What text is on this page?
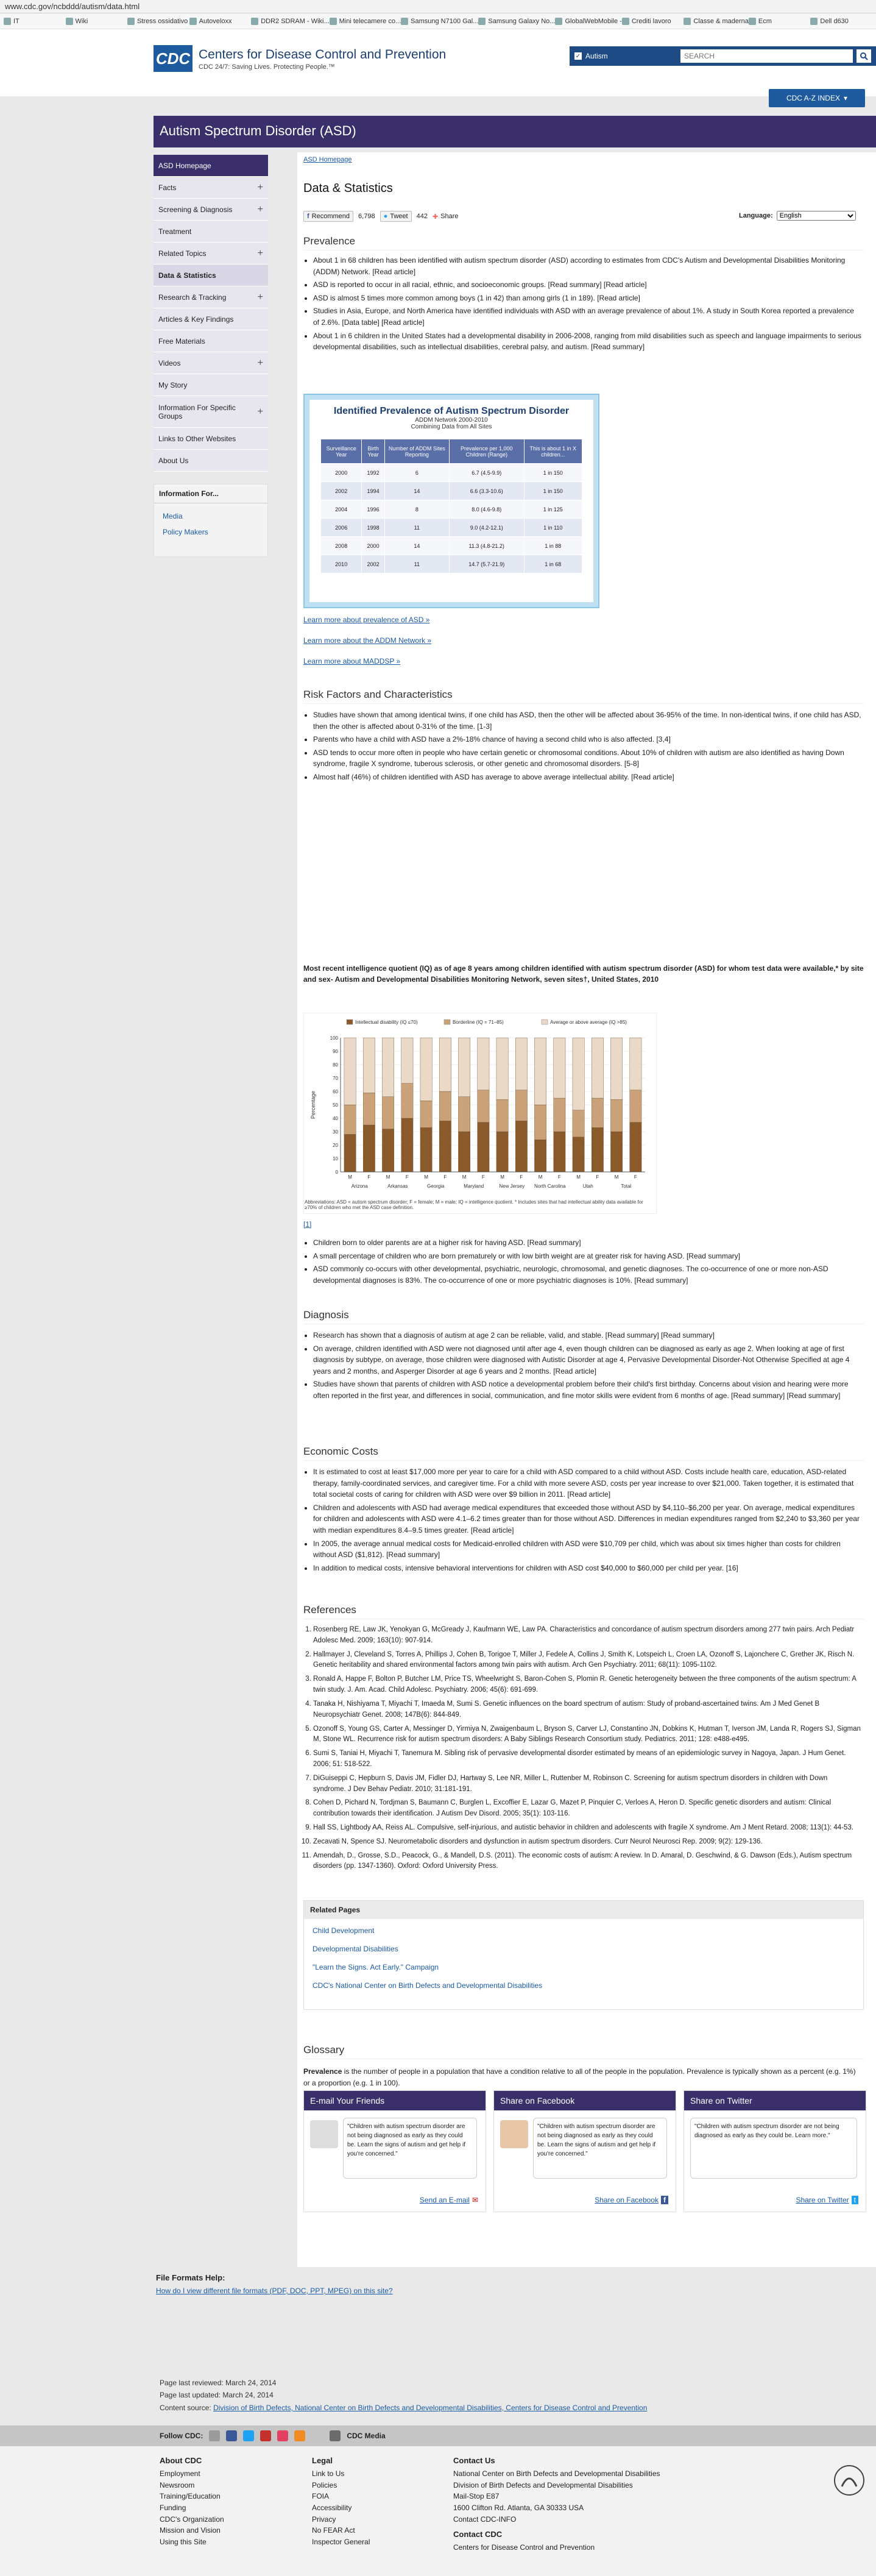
www.cdc.gov/ncbddd/autism/data.html
IT	Wiki	Stress ossidativo Autoveloxx	DDR2 SDRAM - Wiki... Mini telecamere co... Samsung N7100 Gal... Samsung Galaxy No... GlobalWebMobile - Crediti lavoro	Classe & maderna Ecm	Dell d630
CDC Centers for Disease Control and Prevention
CDC 24/7: Saving Lives. Protecting People.™
✓ Autism
SEARCH
CDC A-Z INDEX ▾
Autism Spectrum Disorder (ASD)
ASD Homepage
Facts	+
Screening & Diagnosis	+
Treatment
Related Topics	+
Data & Statistics
Research & Tracking	+
Articles & Key Findings
Free Materials
Videos	+
My Story
Information For Specific Groups	+
Links to Other Websites
About Us
Information For...
Media
Policy Makers
ASD Homepage
Data & Statistics
f Recommend 6,798 ● Tweet 442 ✚ Share	Language:
English
Prevalence
• About 1 in 68 children has been identified with autism spectrum disorder (ASD) according to estimates from CDC's Autism and Developmental Disabilities Monitoring (ADDM) Network. [Read article]
• ASD is reported to occur in all racial, ethnic, and socioeconomic groups. [Read summary] [Read article]
• ASD is almost 5 times more common among boys (1 in 42) than among girls (1 in 189). [Read article]
• Studies in Asia, Europe, and North America have identified individuals with ASD with an average prevalence of about 1%. A study in South Korea reported a prevalence of 2.6%. [Data table] [Read article]
• About 1 in 6 children in the United States had a developmental disability in 2006-2008, ranging from mild disabilities such as speech and language impairments to serious developmental disabilities, such as intellectual disabilities, cerebral palsy, and autism. [Read summary]
Identified Prevalence of Autism Spectrum Disorder
ADDM Network 2000-2010
Combining Data from All Sites
Surveillance Year	Birth Year	Number of ADDM Sites Reporting	Prevalence per 1,000 Children (Range)	This is about 1 in X children...
2000	1992	6	6.7 (4.5-9.9)	1 in 150
2002	1994	14	6.6 (3.3-10.6)	1 in 150
2004	1996	8	8.0 (4.6-9.8)	1 in 125
2006	1998	11	9.0 (4.2-12.1)	1 in 110
2008	2000	14	11.3 (4.8-21.2)	1 in 88
2010	2002	11	14.7 (5.7-21.9)	1 in 68
Learn more about prevalence of ASD »
Learn more about the ADDM Network »
Learn more about MADDSP »
Risk Factors and Characteristics
• Studies have shown that among identical twins, if one child has ASD, then the other will be affected about 36-95% of the time. In non-identical twins, if one child has ASD, then the other is affected about 0-31% of the time. [1-3]
• Parents who have a child with ASD have a 2%-18% chance of having a second child who is also affected. [3,4]
• ASD tends to occur more often in people who have certain genetic or chromosomal conditions. About 10% of children with autism are also identified as having Down syndrome, fragile X syndrome, tuberous sclerosis, or other genetic and chromosomal disorders. [5-8]
• Almost half (46%) of children identified with ASD has average to above average intellectual ability. [Read article]
Most recent intelligence quotient (IQ) as of age 8 years among children identified with autism spectrum disorder (ASD) for whom test data were available,* by site and sex- Autism and Developmental Disabilities Monitoring Network, seven sites†, United States, 2010
Intellectual disability (IQ ≤70)	Borderline (IQ = 71–85)	Average or above average (IQ >85)
0
10
20
30
40
50
60
70
80
90
100
Percentage
M	F	M	F	M	F	M	F	M	F	M	F	M	F	M	F
Arizona	Arkansas	Georgia	Maryland	New Jersey North Carolina	Utah	Total
Abbreviations: ASD = autism spectrum disorder; F = female; M = male; IQ = intelligence quotient. * Includes sites that had intellectual ability data available for ≥70% of children who met the ASD case definition.
[1]
• Children born to older parents are at a higher risk for having ASD. [Read summary]
• A small percentage of children who are born prematurely or with low birth weight are at greater risk for having ASD. [Read summary]
• ASD commonly co-occurs with other developmental, psychiatric, neurologic, chromosomal, and genetic diagnoses. The co-occurrence of one or more non-ASD developmental diagnoses is 83%. The co-occurrence of one or more psychiatric diagnoses is 10%. [Read summary]
Diagnosis
• Research has shown that a diagnosis of autism at age 2 can be reliable, valid, and stable. [Read summary] [Read summary]
• On average, children identified with ASD were not diagnosed until after age 4, even though children can be diagnosed as early as age 2. When looking at age of first diagnosis by subtype, on average, those children were diagnosed with Autistic Disorder at age 4, Pervasive Developmental Disorder-Not Otherwise Specified at age 4 years and 2 months, and Asperger Disorder at age 6 years and 2 months. [Read article]
• Studies have shown that parents of children with ASD notice a developmental problem before their child's first birthday. Concerns about vision and hearing were more often reported in the first year, and differences in social, communication, and fine motor skills were evident from 6 months of age. [Read summary] [Read summary]
Economic Costs
• It is estimated to cost at least $17,000 more per year to care for a child with ASD compared to a child without ASD. Costs include health care, education, ASD-related therapy, family-coordinated services, and caregiver time. For a child with more severe ASD, costs per year increase to over $21,000. Taken together, it is estimated that total societal costs of caring for children with ASD were over $9 billion in 2011. [Read article]
• Children and adolescents with ASD had average medical expenditures that exceeded those without ASD by $4,110–$6,200 per year. On average, medical expenditures for children and adolescents with ASD were 4.1–6.2 times greater than for those without ASD. Differences in median expenditures ranged from $2,240 to $3,360 per year with median expenditures 8.4–9.5 times greater. [Read article]
• In 2005, the average annual medical costs for Medicaid-enrolled children with ASD were $10,709 per child, which was about six times higher than costs for children without ASD ($1,812). [Read summary]
• In addition to medical costs, intensive behavioral interventions for children with ASD cost $40,000 to $60,000 per child per year. [16]
References
1. Rosenberg RE, Law JK, Yenokyan G, McGready J, Kaufmann WE, Law PA. Characteristics and concordance of autism spectrum disorders among 277 twin pairs. Arch Pediatr Adolesc Med. 2009; 163(10): 907-914.
2. Hallmayer J, Cleveland S, Torres A, Phillips J, Cohen B, Torigoe T, Miller J, Fedele A, Collins J, Smith K, Lotspeich L, Croen LA, Ozonoff S, Lajonchere C, Grether JK, Risch N. Genetic heritability and shared environmental factors among twin pairs with autism. Arch Gen Psychiatry. 2011; 68(11): 1095-1102.
3. Ronald A, Happe F, Bolton P, Butcher LM, Price TS, Wheelwright S, Baron-Cohen S, Plomin R. Genetic heterogeneity between the three components of the autism spectrum: A twin study. J. Am. Acad. Child Adolesc. Psychiatry. 2006; 45(6): 691-699.
4. Tanaka H, Nishiyama T, Miyachi T, Imaeda M, Sumi S. Genetic influences on the board spectrum of autism: Study of proband-ascertained twins. Am J Med Genet B Neuropsychiatr Genet. 2008; 147B(6): 844-849.
5. Ozonoff S, Young GS, Carter A, Messinger D, Yirmiya N, Zwaigenbaum L, Bryson S, Carver LJ, Constantino JN, Dobkins K, Hutman T, Iverson JM, Landa R, Rogers SJ, Sigman M, Stone WL. Recurrence risk for autism spectrum disorders: A Baby Siblings Research Consortium study. Pediatrics. 2011; 128: e488-e495.
6. Sumi S, Taniai H, Miyachi T, Tanemura M. Sibling risk of pervasive developmental disorder estimated by means of an epidemiologic survey in Nagoya, Japan. J Hum Genet. 2006; 51: 518-522.
7. DiGuiseppi C, Hepburn S, Davis JM, Fidler DJ, Hartway S, Lee NR, Miller L, Ruttenber M, Robinson C. Screening for autism spectrum disorders in children with Down syndrome. J Dev Behav Pediatr. 2010; 31:181-191.
8. Cohen D, Pichard N, Tordjman S, Baumann C, Burglen L, Excoffier E, Lazar G, Mazet P, Pinquier C, Verloes A, Heron D. Specific genetic disorders and autism: Clinical contribution towards their identification. J Autism Dev Disord. 2005; 35(1): 103-116.
9. Hall SS, Lightbody AA, Reiss AL. Compulsive, self-injurious, and autistic behavior in children and adolescents with fragile X syndrome. Am J Ment Retard. 2008; 113(1): 44-53.
10. Zecavati N, Spence SJ. Neurometabolic disorders and dysfunction in autism spectrum disorders. Curr Neurol Neurosci Rep. 2009; 9(2): 129-136.
11. Amendah, D., Grosse, S.D., Peacock, G., & Mandell, D.S. (2011). The economic costs of autism: A review. In D. Amaral, D. Geschwind, & G. Dawson (Eds.), Autism spectrum disorders (pp. 1347-1360). Oxford: Oxford University Press.
Related Pages
Child Development
Developmental Disabilities
"Learn the Signs. Act Early." Campaign
CDC's National Center on Birth Defects and Developmental Disabilities
Glossary
Prevalence is the number of people in a population that have a condition relative to all of the people in the population. Prevalence is typically shown as a percent (e.g. 1%) or a proportion (e.g. 1 in 100).
E-mail Your Friends
"Children with autism spectrum disorder are not being diagnosed as early as they could be. Learn the signs of autism and get help if you're concerned."
Send an E-mail ✉
Share on Facebook
"Children with autism spectrum disorder are not being diagnosed as early as they could be. Learn the signs of autism and get help if you're concerned."
Share on Facebook f
Share on Twitter
"Children with autism spectrum disorder are not being diagnosed as early as they could be. Learn more."
Share on Twitter t
File Formats Help:
How do I view different file formats (PDF, DOC, PPT, MPEG) on this site?
Page last reviewed: March 24, 2014
Page last updated: March 24, 2014
Content source: Division of Birth Defects, National Center on Birth Defects and Developmental Disabilities, Centers for Disease Control and Prevention
Follow CDC:	CDC Media
About CDC
Employment
Newsroom
Training/Education
Funding
CDC's Organization
Mission and Vision
Using this Site
Legal
Link to Us
Policies
FOIA
Accessibility
Privacy
No FEAR Act
Inspector General
Contact Us
National Center on Birth Defects and Developmental Disabilities
Division of Birth Defects and Developmental Disabilities
Mail-Stop E87
1600 Clifton Rd. Atlanta, GA 30333 USA
Contact CDC-INFO
Contact CDC
Centers for Disease Control and Prevention
